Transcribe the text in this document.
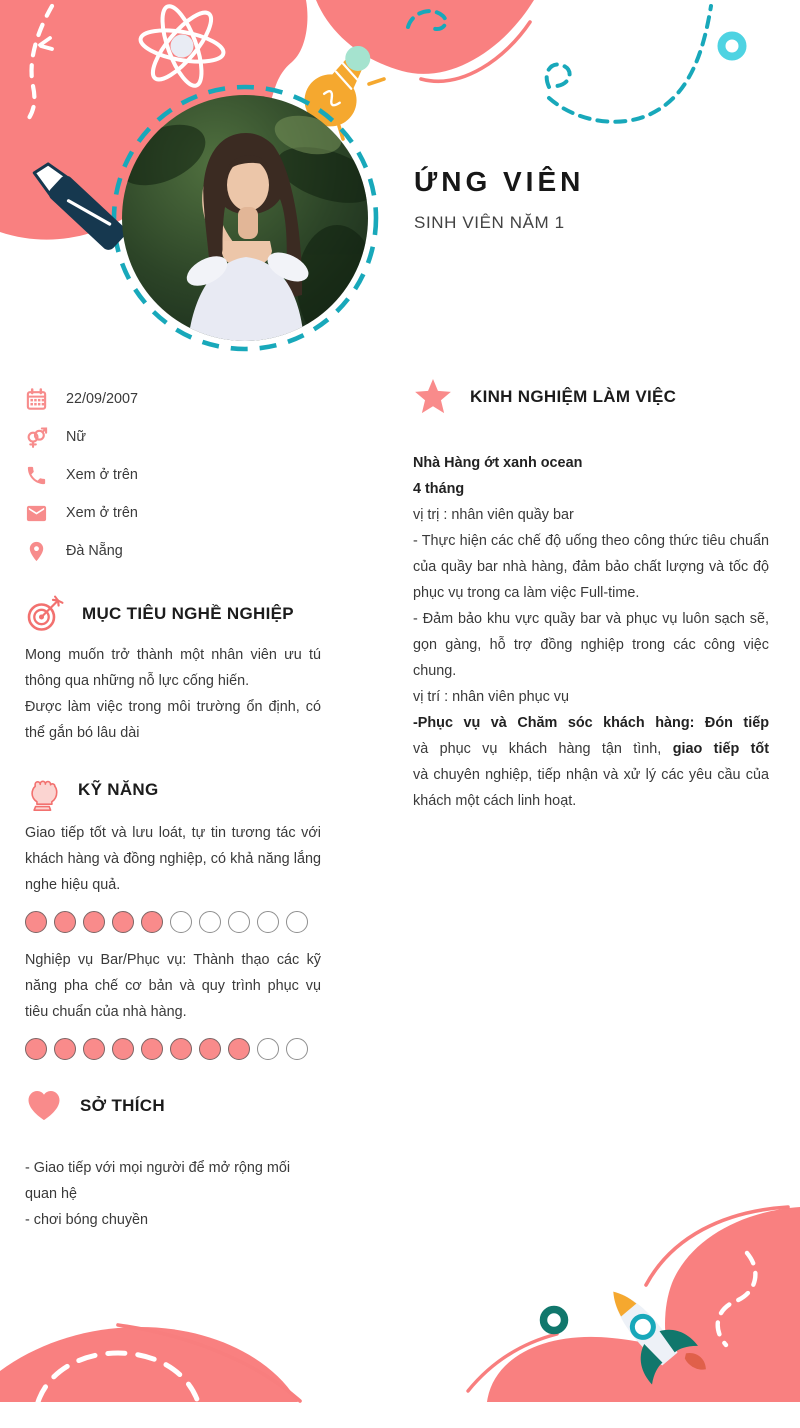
ỨNG VIÊN
SINH VIÊN NĂM 1
22/09/2007
Nữ
Xem ở trên
Xem ở trên
Đà Nẵng
MỤC TIÊU NGHỀ NGHIỆP

Mong muốn trở thành một nhân viên ưu tú thông qua những nỗ lực cống hiến.

Được làm việc trong môi trường ổn định, có thể gắn bó lâu dài

KỸ NĂNG

Giao tiếp tốt và lưu loát, tự tin tương tác với khách hàng và đồng nghiệp, có khả năng lắng nghe hiệu quả.

Nghiệp vụ Bar/Phục vụ: Thành thạo các kỹ năng pha chế cơ bản và quy trình phục vụ tiêu chuẩn của nhà hàng.

SỞ THÍCH
- Giao tiếp với mọi người để mở rộng mối quan hệ
- chơi bóng chuyền
KINH NGHIỆM LÀM VIỆC
Nhà Hàng ớt xanh ocean
4 tháng
vị trị : nhân viên quầy bar
- Thực hiện các chế độ uống theo công thức tiêu chuẩn của quầy bar nhà hàng, đảm bảo chất lượng và tốc độ phục vụ trong ca làm việc Full-time.
- Đảm bảo khu vực quầy bar và phục vụ luôn sạch sẽ, gọn gàng, hỗ trợ đồng nghiệp trong các công việc chung.
vị trí : nhân viên phục vụ
-Phục vụ và Chăm sóc khách hàng: Đón tiếp
và phục vụ khách hàng tận tình, giao tiếp tốt
và chuyên nghiệp, tiếp nhận và xử lý các yêu cầu của khách một cách linh hoạt.
